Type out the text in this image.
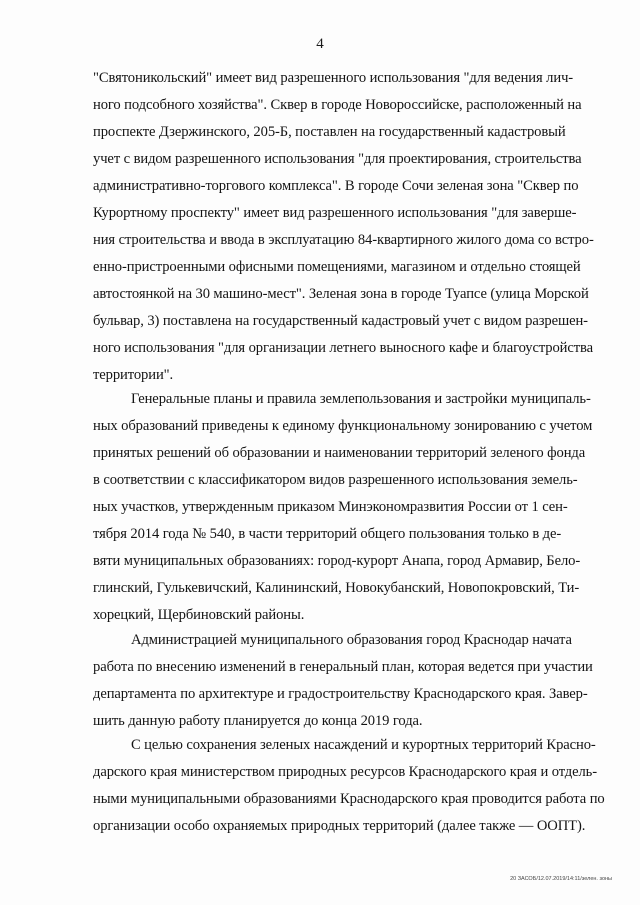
4
"Святоникольский" имеет вид разрешенного использования "для ведения лич-
ного подсобного хозяйства". Сквер в городе Новороссийске, расположенный на
проспекте Дзержинского, 205-Б, поставлен на государственный кадастровый
учет с видом разрешенного использования "для проектирования, строительства
административно-торгового комплекса". В городе Сочи зеленая зона "Сквер по
Курортному проспекту" имеет вид разрешенного использования "для заверше-
ния строительства и ввода в эксплуатацию 84-квартирного жилого дома со встро-
енно-пристроенными офисными помещениями, магазином и отдельно стоящей
автостоянкой на 30 машино-мест". Зеленая зона в городе Туапсе (улица Морской
бульвар, 3) поставлена на государственный кадастровый учет с видом разрешен-
ного использования "для организации летнего выносного кафе и благоустройства
территории".
Генеральные планы и правила землепользования и застройки муниципаль-
ных образований приведены к единому функциональному зонированию с учетом
принятых решений об образовании и наименовании территорий зеленого фонда
в соответствии с классификатором видов разрешенного использования земель-
ных участков, утвержденным приказом Минэкономразвития России от 1 сен-
тября 2014 года № 540, в части территорий общего пользования только в де-
вяти муниципальных образованиях: город-курорт Анапа, город Армавир, Бело-
глинский, Гулькевичский, Калининский, Новокубанский, Новопокровский, Ти-
хорецкий, Щербиновский районы.
Администрацией муниципального образования город Краснодар начата
работа по внесению изменений в генеральный план, которая ведется при участии
департамента по архитектуре и градостроительству Краснодарского края. Завер-
шить данную работу планируется до конца 2019 года.
С целью сохранения зеленых насаждений и курортных территорий Красно-
дарского края министерством природных ресурсов Краснодарского края и отдель-
ными муниципальными образованиями Краснодарского края проводится работа по
организации особо охраняемых природных территорий (далее также — ООПТ).
20 ЗАСОБ/12.07.2019/14:11/зелен. зоны
